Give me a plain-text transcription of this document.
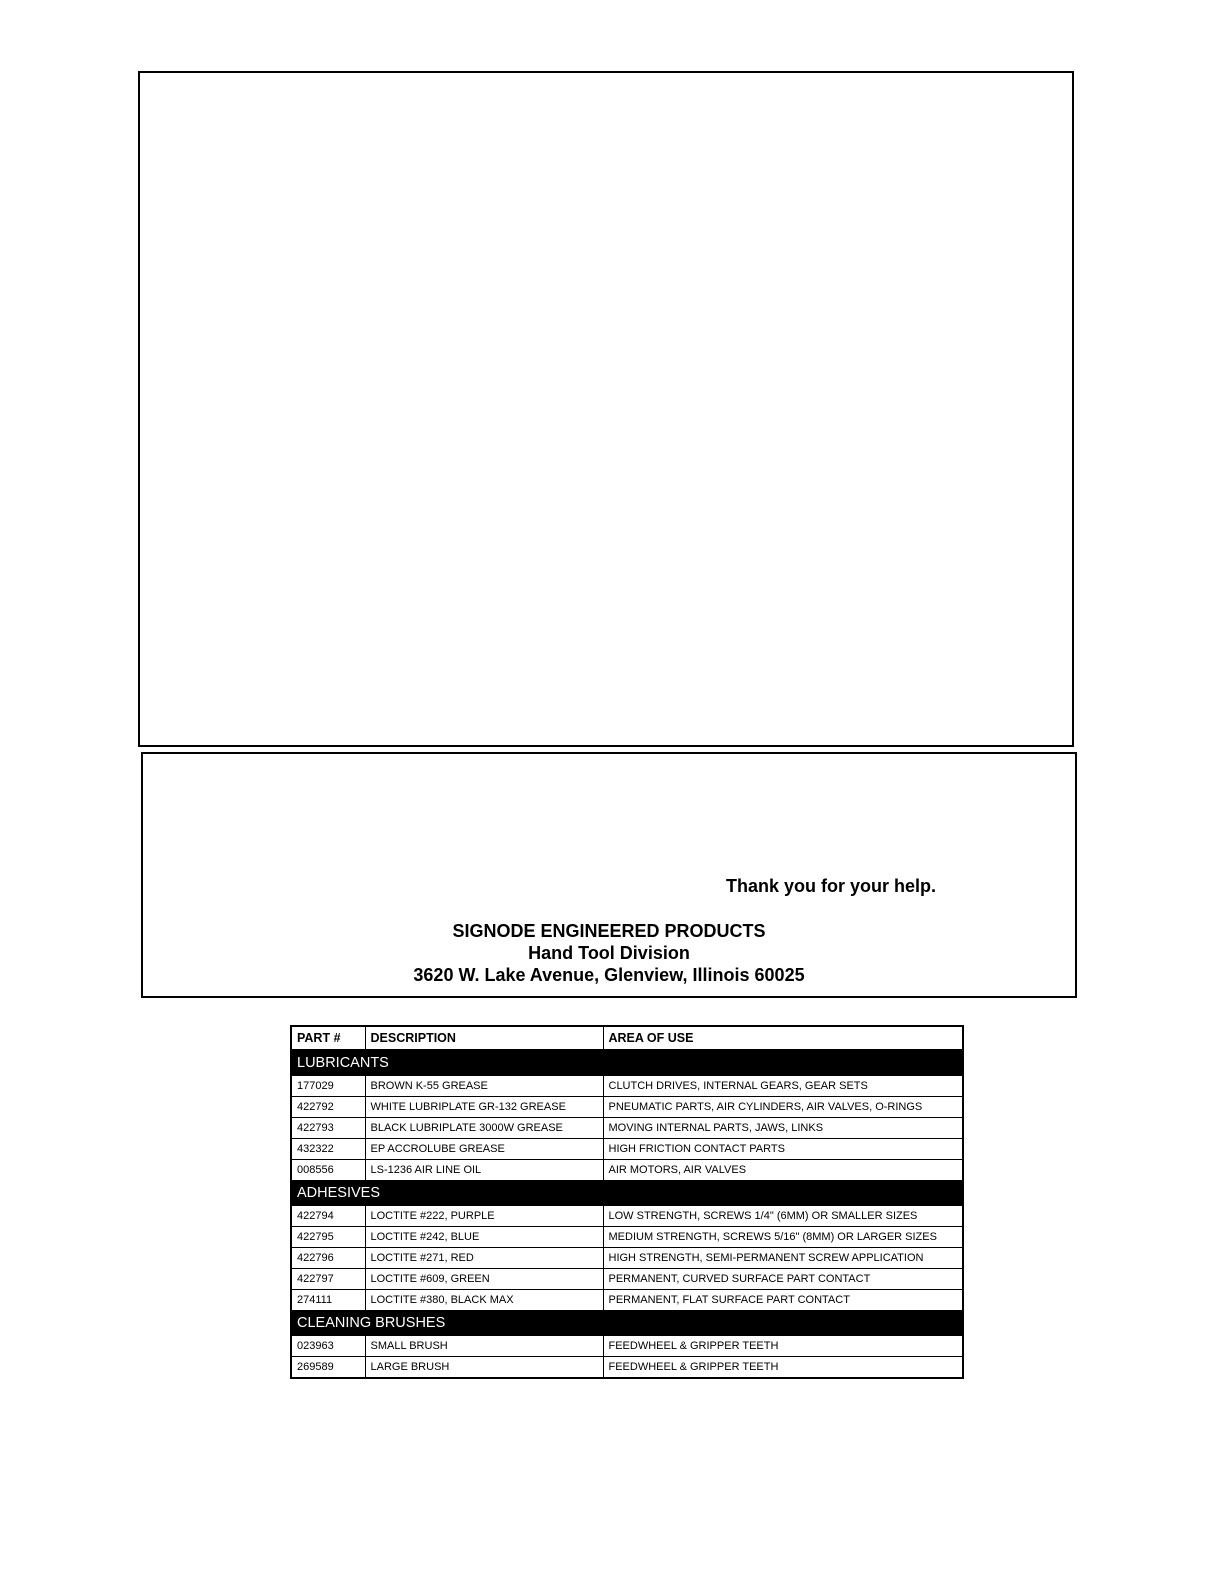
Thank you for your help.
SIGNODE ENGINEERED PRODUCTS
Hand Tool Division
3620 W. Lake Avenue, Glenview, Illinois 60025
PART #	DESCRIPTION	AREA OF USE
LUBRICANTS		
177029	BROWN K-55 GREASE	CLUTCH DRIVES, INTERNAL GEARS, GEAR SETS
422792	WHITE LUBRIPLATE GR-132 GREASE	PNEUMATIC PARTS, AIR CYLINDERS, AIR VALVES, O-RINGS
422793	BLACK LUBRIPLATE 3000W GREASE	MOVING INTERNAL PARTS, JAWS, LINKS
432322	EP ACCROLUBE GREASE	HIGH FRICTION CONTACT PARTS
008556	LS-1236 AIR LINE OIL	AIR MOTORS, AIR VALVES
ADHESIVES		
422794	LOCTITE #222, PURPLE	LOW STRENGTH, SCREWS 1/4" (6MM) OR SMALLER SIZES
422795	LOCTITE #242, BLUE	MEDIUM STRENGTH, SCREWS 5/16" (8MM) OR LARGER SIZES
422796	LOCTITE #271, RED	HIGH STRENGTH, SEMI-PERMANENT SCREW APPLICATION
422797	LOCTITE #609, GREEN	PERMANENT, CURVED SURFACE PART CONTACT
274111	LOCTITE #380, BLACK MAX	PERMANENT, FLAT SURFACE PART CONTACT
CLEANING BRUSHES		
023963	SMALL BRUSH	FEEDWHEEL & GRIPPER TEETH
269589	LARGE BRUSH	FEEDWHEEL & GRIPPER TEETH
